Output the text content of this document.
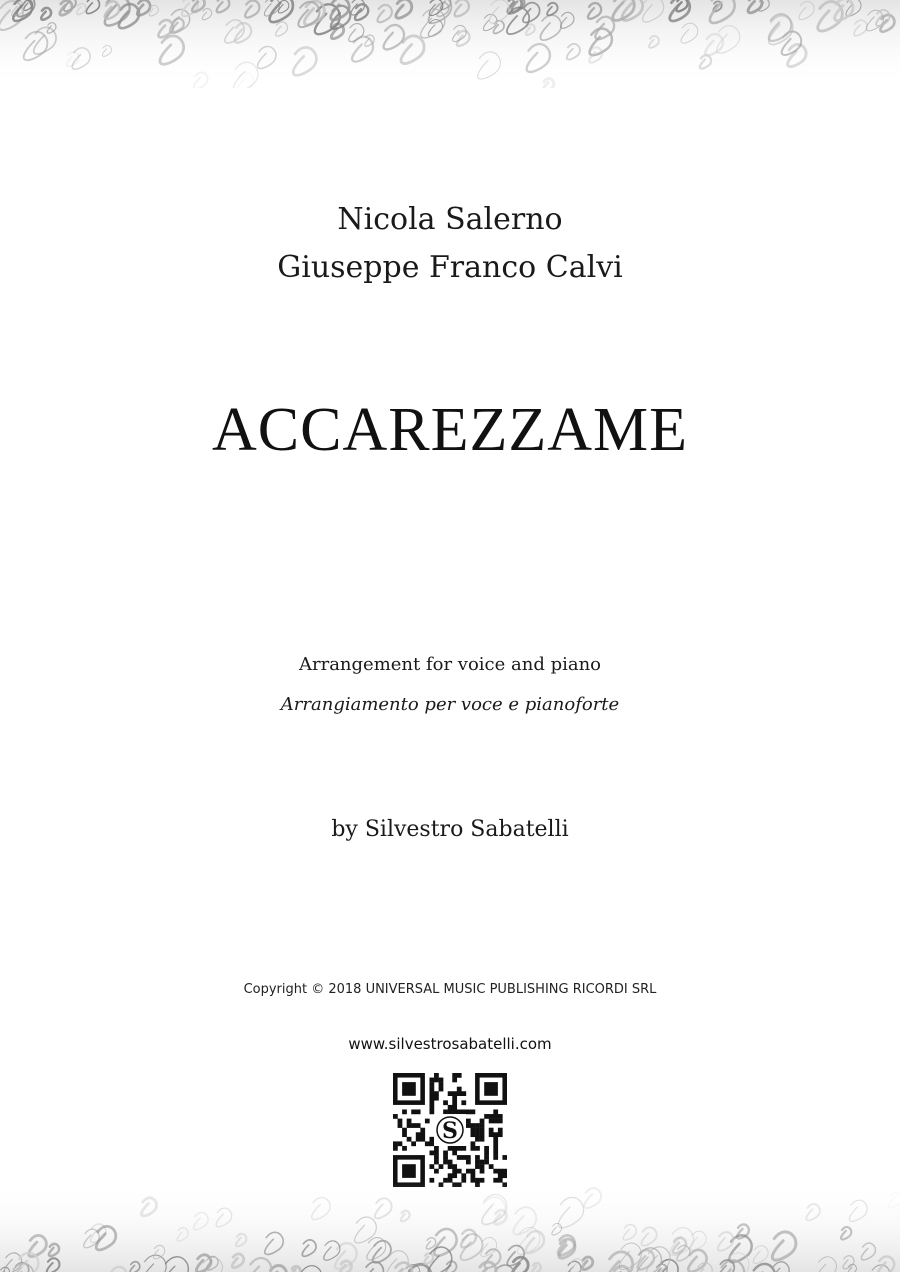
Nicola Salerno
Giuseppe Franco Calvi
ACCAREZZAME
Arrangement for voice and piano
Arrangiamento per voce e pianoforte
by Silvestro Sabatelli
Copyright © 2018 UNIVERSAL MUSIC PUBLISHING RICORDI SRL
www.silvestrosabatelli.com
S
